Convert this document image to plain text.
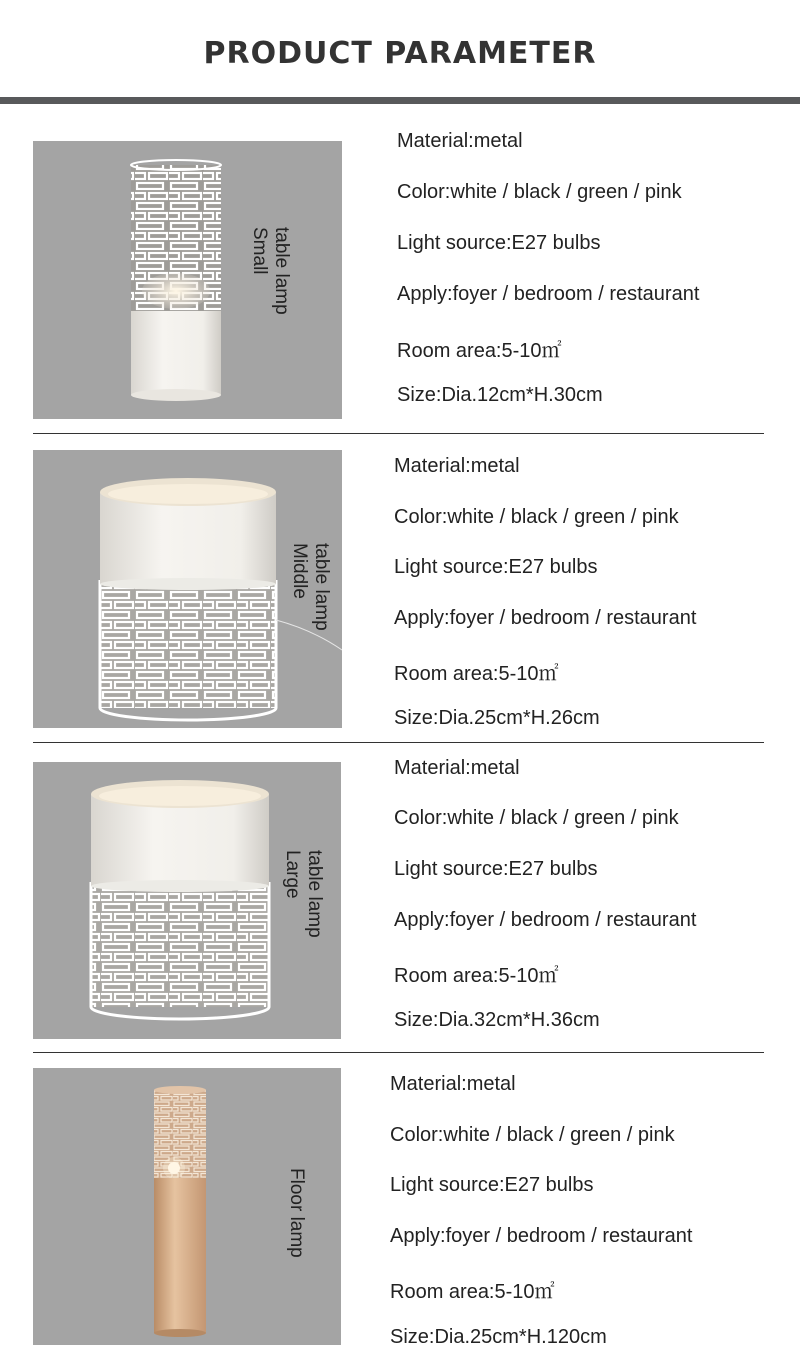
PRODUCT PARAMETER
table lamp
Small
Material:metal
Color:white / black / green / pink
Light source:E27 bulbs
Apply:foyer / bedroom / restaurant
Room area:5-10㎡
Size:Dia.12cm*H.30cm
table lamp
Middle
Material:metal
Color:white / black / green / pink
Light source:E27 bulbs
Apply:foyer / bedroom / restaurant
Room area:5-10㎡
Size:Dia.25cm*H.26cm
table lamp
Large
Material:metal
Color:white / black / green / pink
Light source:E27 bulbs
Apply:foyer / bedroom / restaurant
Room area:5-10㎡
Size:Dia.32cm*H.36cm
Floor lamp
Material:metal
Color:white / black / green / pink
Light source:E27 bulbs
Apply:foyer / bedroom / restaurant
Room area:5-10㎡
Size:Dia.25cm*H.120cm
